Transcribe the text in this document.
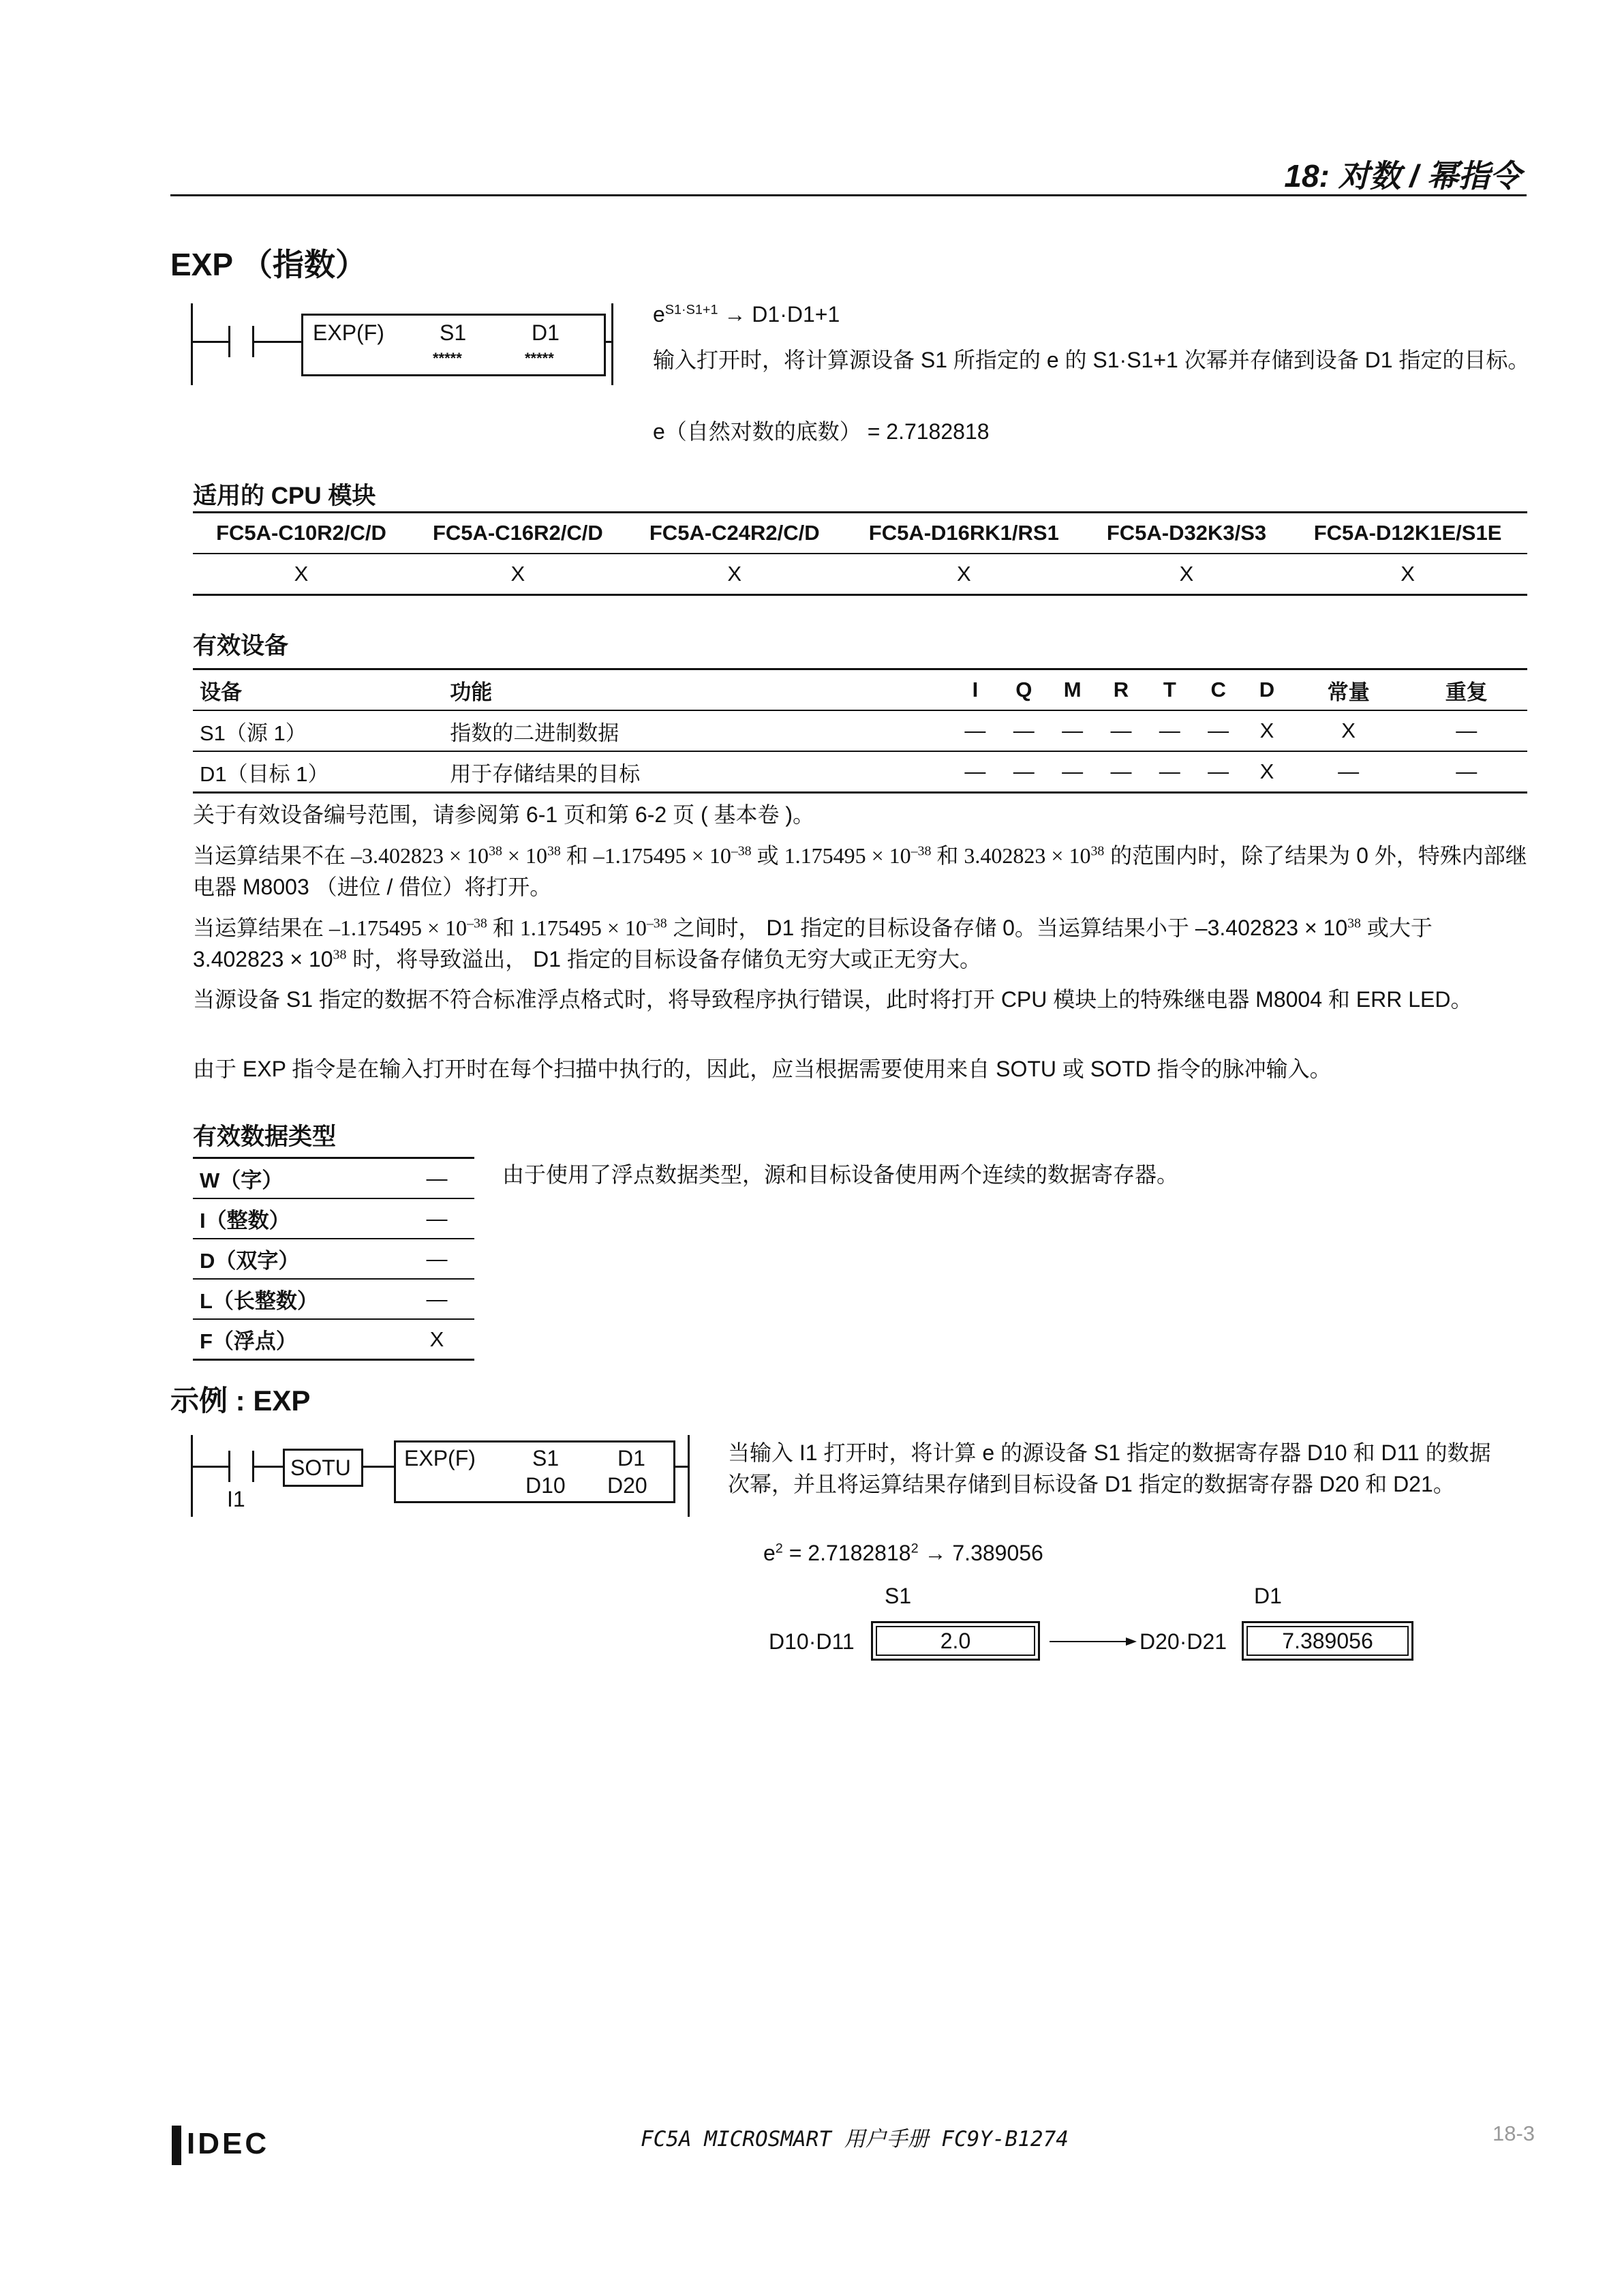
18: 对数 / 幂指令
EXP （指数）
EXP(F)	S1	D1
*****	*****
$e^{S1\cdot S1+1} \to D1\cdot D1+1$
输入打开时，将计算源设备 S1 所指定的 e 的 S1·S1+1 次幂并存储到设备 D1 指定的目标。
e（自然对数的底数） = 2.7182818
适用的 CPU 模块
FC5A-C10R2/C/D	FC5A-C16R2/C/D	FC5A-C24R2/C/D	FC5A-D16RK1/RS1	FC5A-D32K3/S3	FC5A-D12K1E/S1E
X	X	X	X	X	X
有效设备
设备	功能	I	Q	M	R	T	C	D	常量	重复
S1（源 1）	指数的二进制数据	—	—	—	—	—	—	X	X	—
D1（目标 1）	用于存储结果的目标	—	—	—	—	—	—	X	—	—
关于有效设备编号范围，请参阅第 6-1 页和第 6-2 页 ( 基本卷 )。
当运算结果不在 $-3.402823 \times 10^{38} \times 10^{38}$ 和 $-1.175495 \times 10^{-38}$ 或 $1.175495 \times 10^{-38}$ 和 $3.402823 \times 10^{38}$ 的范围内时，除了结果为 0 外，特殊内部继电器 M8003 （进位 / 借位）将打开。
当运算结果在 $-1.175495 \times 10^{-38}$ 和 $1.175495 \times 10^{-38}$ 之间时， D1 指定的目标设备存储 0。当运算结果小于 $-3.402823 \times 10^{38}$ 或大于 $3.402823 \times 10^{38}$ 时，将导致溢出， D1 指定的目标设备存储负无穷大或正无穷大。
当源设备 S1 指定的数据不符合标准浮点格式时，将导致程序执行错误，此时将打开 CPU 模块上的特殊继电器 M8004 和 ERR LED。
由于 EXP 指令是在输入打开时在每个扫描中执行的，因此，应当根据需要使用来自 SOTU 或 SOTD 指令的脉冲输入。
有效数据类型
W（字）	—
I（整数）	—
D（双字）	—
L（长整数）	—
F（浮点）	X
由于使用了浮点数据类型，源和目标设备使用两个连续的数据寄存器。
示例 : EXP
I1
SOTU EXP(F)	S1	D1
D10 D20
当输入 I1 打开时，将计算 e 的源设备 S1 指定的数据寄存器 D10 和 D11 的数据次幂，并且将运算结果存储到目标设备 D1 指定的数据寄存器 D20 和 D21。
$e^2 = 2.7182818^2 \to 7.389056$
S1	D1
D10·D11	2.0	D20·D21	7.389056
IDEC	FC5A MICROSMART 用户手册 FC9Y-B1274	18-3
